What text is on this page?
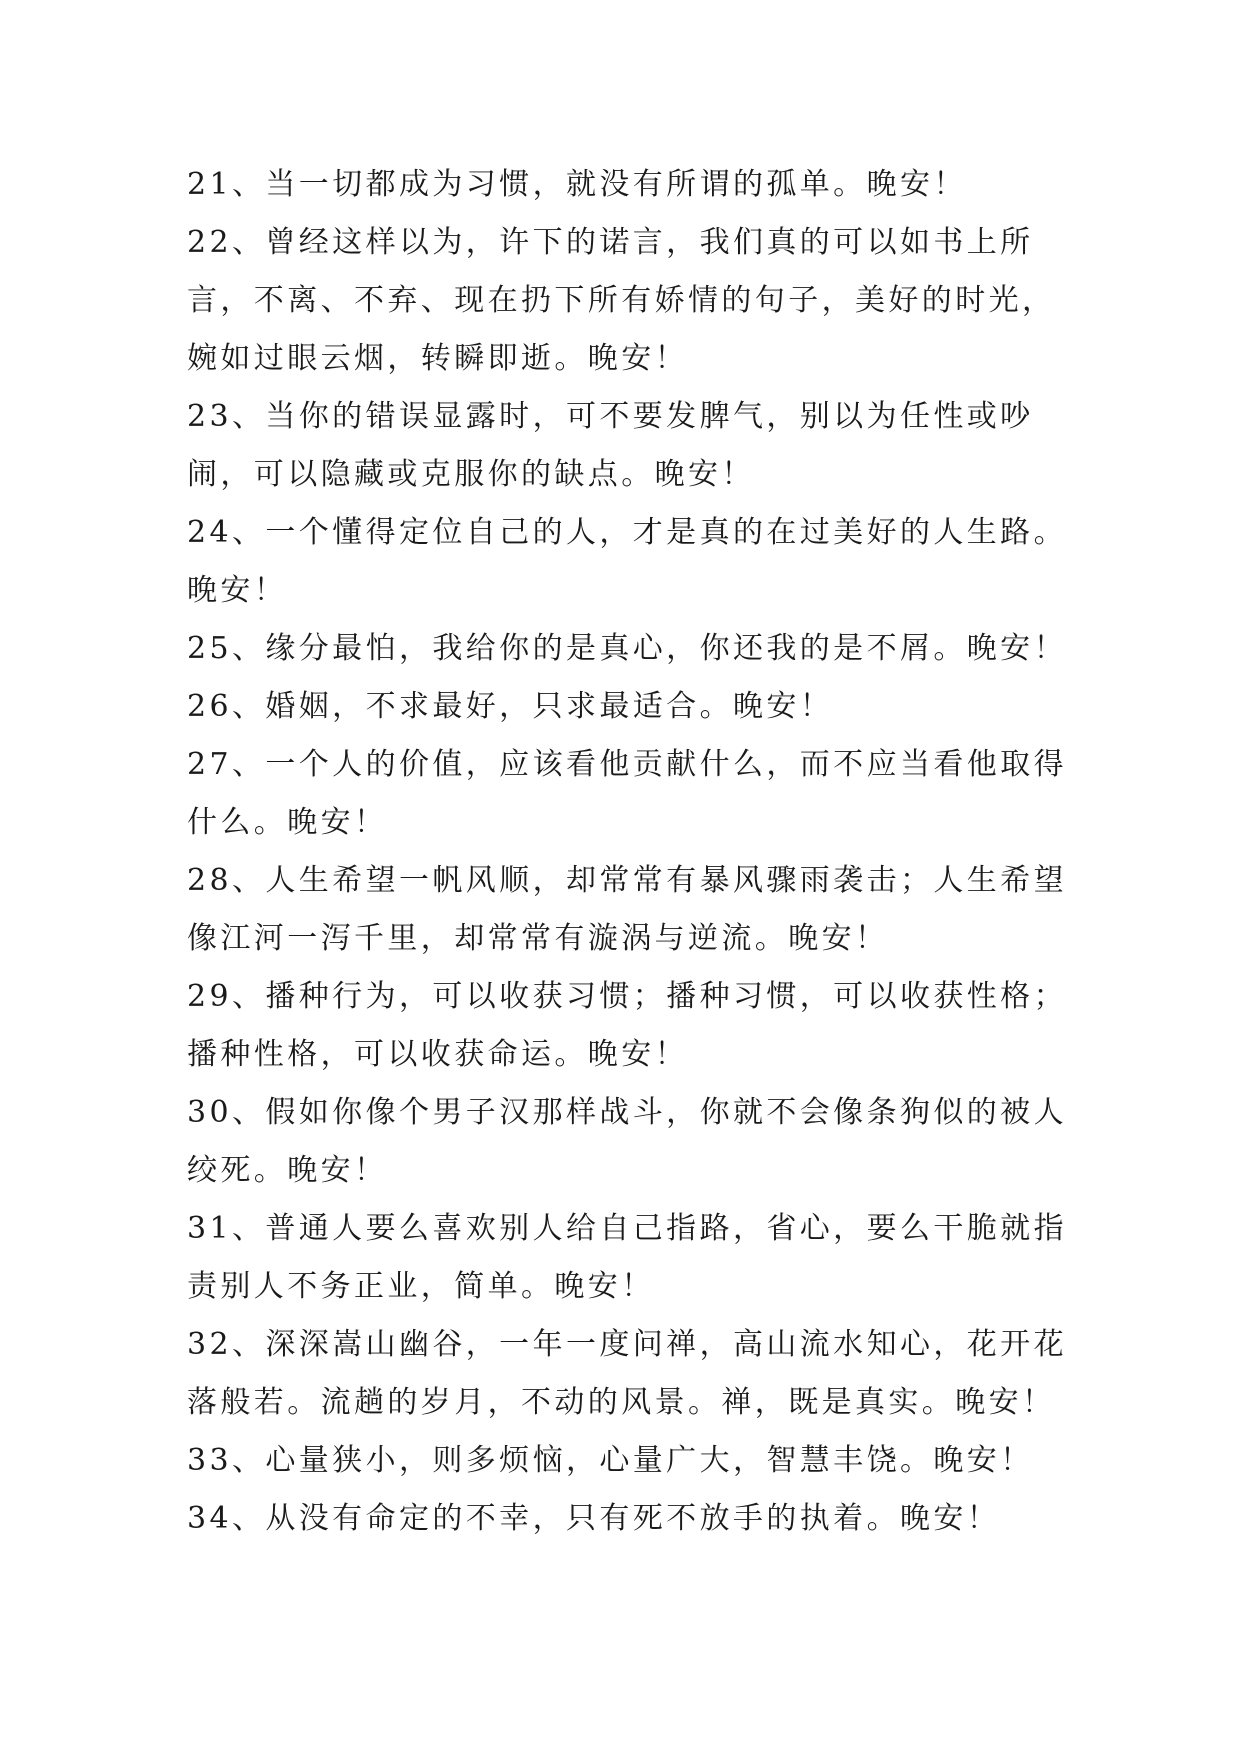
21、当一切都成为习惯，就没有所谓的孤单。晚安！

22、曾经这样以为，许下的诺言，我们真的可以如书上所言，不离、不弃、现在扔下所有娇情的句子，美好的时光，婉如过眼云烟，转瞬即逝。晚安！

23、当你的错误显露时，可不要发脾气，别以为任性或吵闹，可以隐藏或克服你的缺点。晚安！

24、一个懂得定位自己的人，才是真的在过美好的人生路。晚安！

25、缘分最怕，我给你的是真心，你还我的是不屑。晚安！

26、婚姻，不求最好，只求最适合。晚安！

27、一个人的价值，应该看他贡献什么，而不应当看他取得什么。晚安！

28、人生希望一帆风顺，却常常有暴风骤雨袭击；人生希望像江河一泻千里，却常常有漩涡与逆流。晚安！

29、播种行为，可以收获习惯；播种习惯，可以收获性格；播种性格，可以收获命运。晚安！

30、假如你像个男子汉那样战斗，你就不会像条狗似的被人绞死。晚安！

31、普通人要么喜欢别人给自己指路，省心，要么干脆就指责别人不务正业，简单。晚安！

32、深深嵩山幽谷，一年一度问禅，高山流水知心，花开花落般若。流趟的岁月，不动的风景。禅，既是真实。晚安！

33、心量狭小，则多烦恼，心量广大，智慧丰饶。晚安！

34、从没有命定的不幸，只有死不放手的执着。晚安！
